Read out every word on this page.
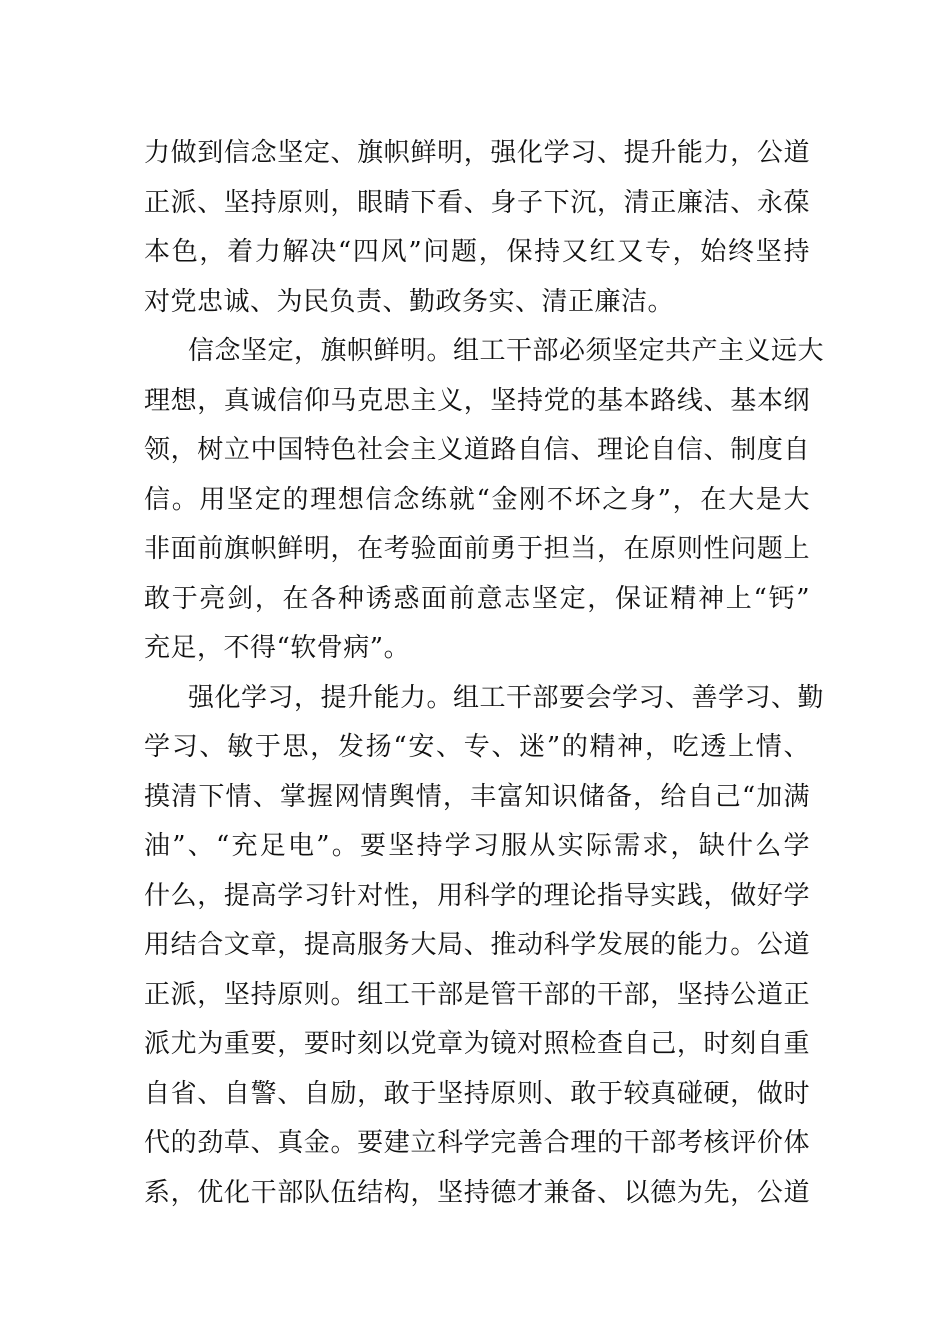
力做到信念坚定、旗帜鲜明，强化学习、提升能力，公道
正派、坚持原则，眼睛下看、身子下沉，清正廉洁、永葆
本色，着力解决“四风”问题，保持又红又专，始终坚持
对党忠诚、为民负责、勤政务实、清正廉洁。
信念坚定，旗帜鲜明。组工干部必须坚定共产主义远大
理想，真诚信仰马克思主义，坚持党的基本路线、基本纲
领，树立中国特色社会主义道路自信、理论自信、制度自
信。用坚定的理想信念练就“金刚不坏之身”，在大是大
非面前旗帜鲜明，在考验面前勇于担当，在原则性问题上
敢于亮剑，在各种诱惑面前意志坚定，保证精神上“钙”
充足，不得“软骨病”。
强化学习，提升能力。组工干部要会学习、善学习、勤
学习、敏于思，发扬“安、专、迷”的精神，吃透上情、
摸清下情、掌握网情舆情，丰富知识储备，给自己“加满
油”、“充足电”。要坚持学习服从实际需求，缺什么学
什么，提高学习针对性，用科学的理论指导实践，做好学
用结合文章，提高服务大局、推动科学发展的能力。公道
正派，坚持原则。组工干部是管干部的干部，坚持公道正
派尤为重要，要时刻以党章为镜对照检查自己，时刻自重
自省、自警、自励，敢于坚持原则、敢于较真碰硬，做时
代的劲草、真金。要建立科学完善合理的干部考核评价体
系，优化干部队伍结构，坚持德才兼备、以德为先，公道
